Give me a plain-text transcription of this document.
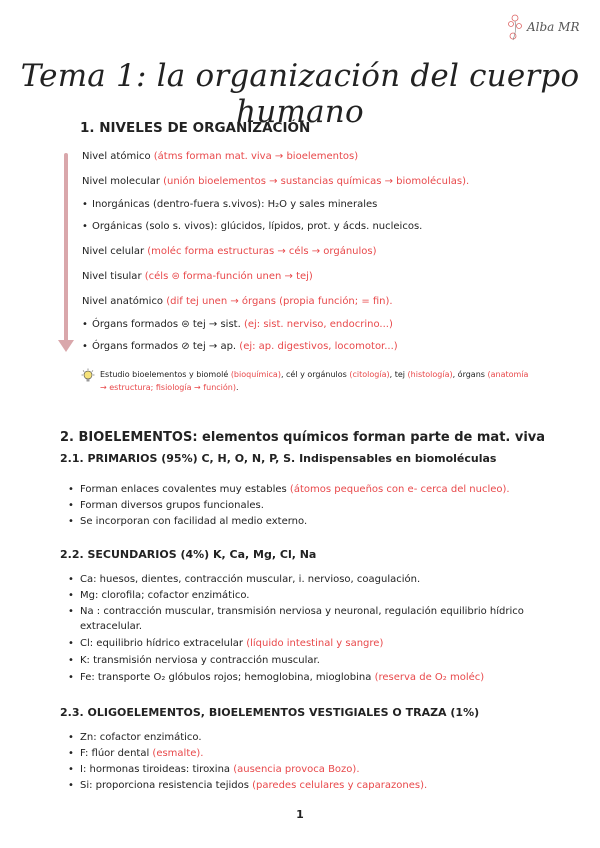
Alba MR
Tema 1: la organización del cuerpo humano
1. NIVELES DE ORGANIZACIÓN
Nivel atómico (átms forman mat. viva → bioelementos)
Nivel molecular (unión bioelementos → sustancias químicas → biomoléculas).
• Inorgánicas (dentro-fuera s.vivos): H₂O y sales minerales
• Orgánicas (solo s. vivos): glúcidos, lípidos, prot. y ácds. nucleicos.
Nivel celular (moléc forma estructuras → céls → orgánulos)
Nivel tisular (céls ⊜ forma-función unen → tej)
Nivel anatómico (dif tej unen → órgans (propia función; = fin).
• Órgans formados ⊜ tej → sist. (ej: sist. nerviso, endocrino...)
• Órgans formados ⊘ tej → ap. (ej: ap. digestivos, locomotor...)
Estudio bioelementos y biomolé (bioquímica), cél y orgánulos (citología), tej (histología), órgans (anatomía → estructura; fisiología → función).
2. BIOELEMENTOS: elementos químicos forman parte de mat. viva
2.1. PRIMARIOS (95%) C, H, O, N, P, S. Indispensables en biomoléculas
• Forman enlaces covalentes muy estables (átomos pequeños con e- cerca del nucleo).
• Forman diversos grupos funcionales.
• Se incorporan con facilidad al medio externo.
2.2. SECUNDARIOS (4%) K, Ca, Mg, Cl, Na
• Ca: huesos, dientes, contracción muscular, i. nervioso, coagulación.
• Mg: clorofila; cofactor enzimático.
• Na : contracción muscular, transmisión nerviosa y neuronal, regulación equilibrio hídrico extracelular.
• Cl: equilibrio hídrico extracelular (líquido intestinal y sangre)
• K: transmisión nerviosa y contracción muscular.
• Fe: transporte O₂ glóbulos rojos; hemoglobina, mioglobina (reserva de O₂ moléc)
2.3. OLIGOELEMENTOS, BIOELEMENTOS VESTIGIALES O TRAZA (1%)
• Zn: cofactor enzimático.
• F: flúor dental (esmalte).
• I: hormonas tiroideas: tiroxina (ausencia provoca Bozo).
• Si: proporciona resistencia tejidos (paredes celulares y caparazones).
1
